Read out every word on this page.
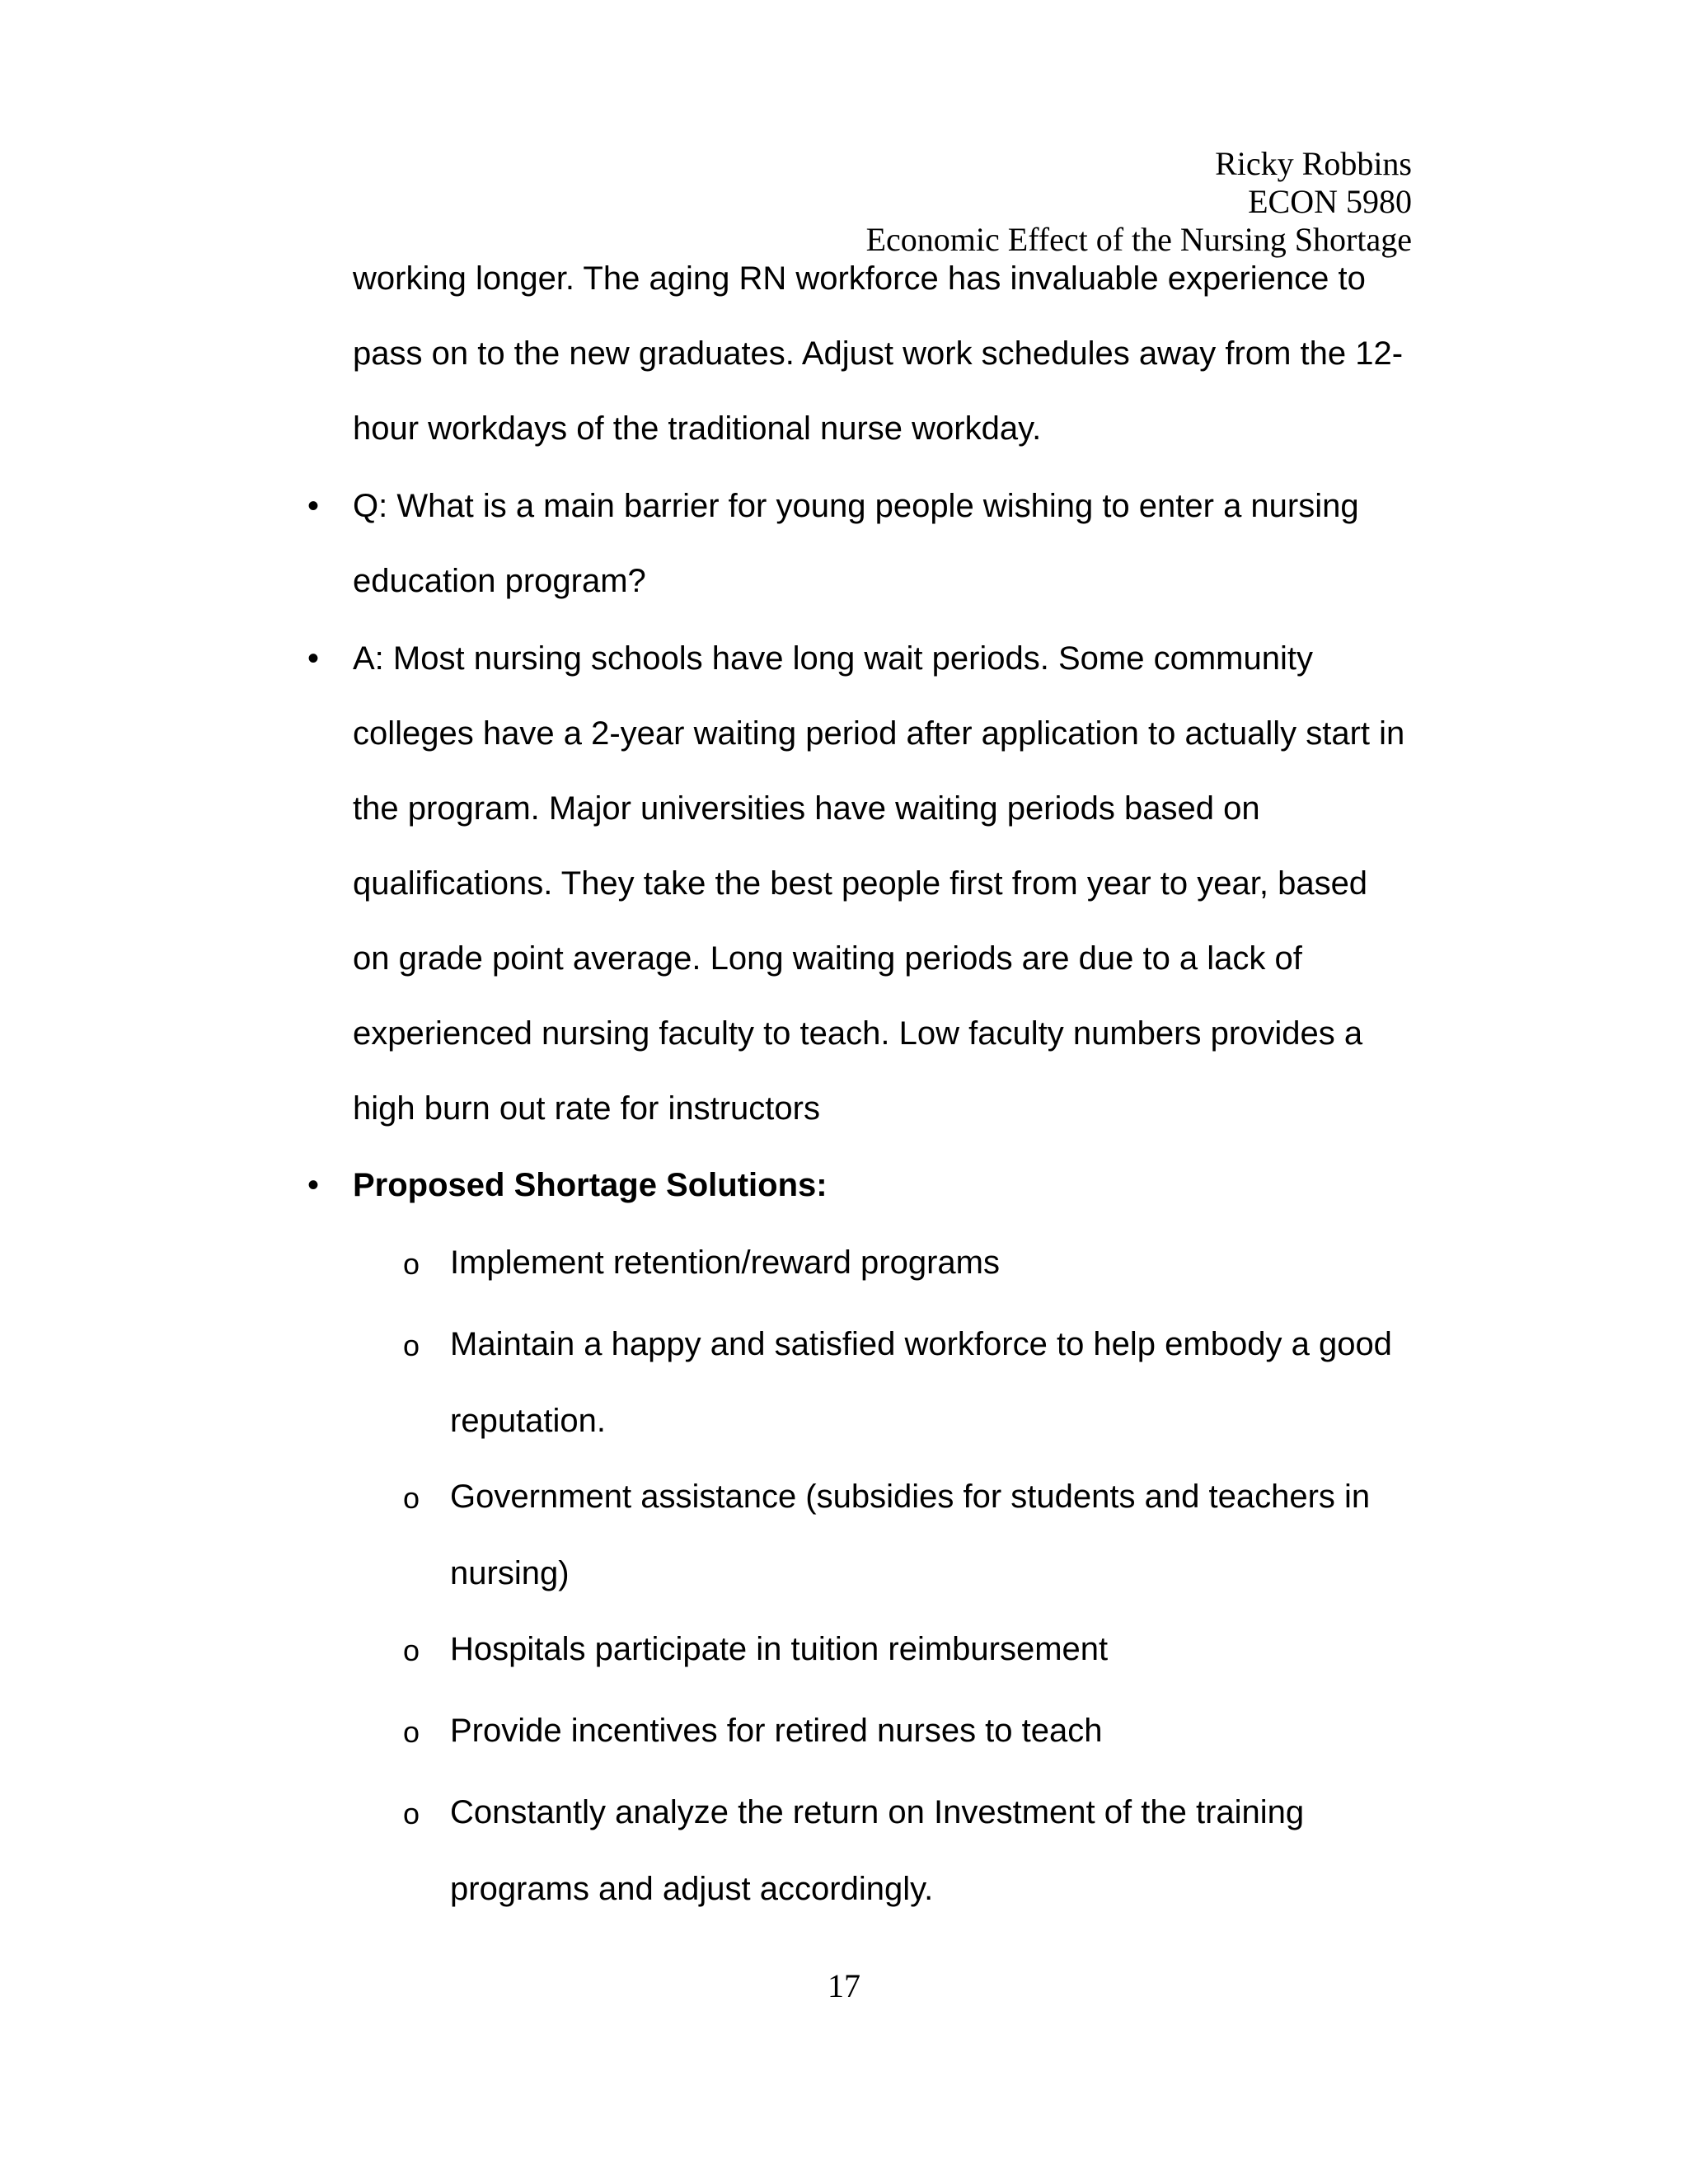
Ricky Robbins
ECON 5980
Economic Effect of the Nursing Shortage
working longer. The aging RN workforce has invaluable experience to
pass on to the new graduates. Adjust work schedules away from the 12-
hour workdays of the traditional nurse workday.
• Q: What is a main barrier for young people wishing to enter a nursing
education program?
• A: Most nursing schools have long wait periods. Some community
colleges have a 2-year waiting period after application to actually start in
the program. Major universities have waiting periods based on
qualifications. They take the best people first from year to year, based
on grade point average. Long waiting periods are due to a lack of
experienced nursing faculty to teach. Low faculty numbers provides a
high burn out rate for instructors
• Proposed Shortage Solutions:
o Implement retention/reward programs
o Maintain a happy and satisfied workforce to help embody a good
reputation.
o Government assistance (subsidies for students and teachers in
nursing)
o Hospitals participate in tuition reimbursement
o Provide incentives for retired nurses to teach
o Constantly analyze the return on Investment of the training
programs and adjust accordingly.
17
